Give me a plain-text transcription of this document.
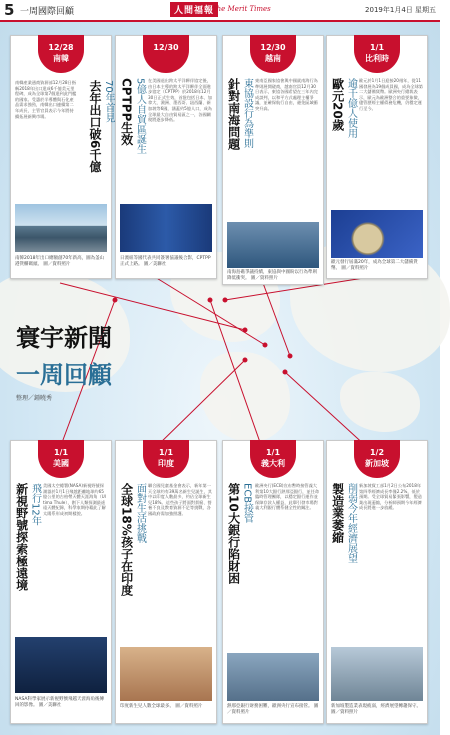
5 一周國際回顧	人間福報
The Merit Times	2019年1月4日 星期五
12/28
南韓
去年出口破6千億 70年首見
南韓產業通商資源部12月28日指稱2018年出口達成6千億美元里程碑，成為全球第7個達到此門檻的國家。受惠於半導體與石化產品需求強勁，南韓出口連續第二年成長，主管官員表示今年將持續拓展新興市場。
南韓2018年出口總額創70年新高，圖為釜山港貨櫃碼頭。 圖／資料照片
12/30
CPTPP生效 5億人自貿區誕生 在美國退出跨太平洋夥伴協定後，由日本主導的跨太平洋夥伴全面進步協定（CPTPP）於2018年12月30日正式生效，首批包括日本、加拿大、澳洲、墨西哥、紐西蘭、新加坡等6國，涵蓋約5億人口，成為全球最大自由貿易區之一，各國關稅將逐步降低。
日澳紐等國代表共同簽署協議後合影，CPTPP正式上路。 圖／美聯社
12/30
越南
針對南海問題 東協設行為準則 東南亞國家協會與中國就南海行為準則展開磋商，越南官員12月30日表示，東協各國希望在三年內完成談判，以和平方式處理主權爭議，並確保航行自由，避免區域衝突升高。
南海島礁爭議持續，東協與中國盼以行為準則降低衝突。 圖／資料照片
1/1
比利時
歐元20歲 逾千億人使用 歐元於1月1日迎接20週年，從11國發展為19個成員國，成為全球第二大儲備貨幣。歐洲央行總裁表示，歐元為歐洲整合的重要象徵，儘管歷經主權債務危機，仍穩定運行至今。
歐元發行屆滿20年，成為全球第二大儲備貨幣。 圖／資料照片
寰宇新聞
一周回顧
整理／鍾曉秀
1/1
美國
新視野號探索極遠境 飛行12年 美國太空總署(NASA)新視野號探測器於1月1日飛越距離地球約65億公里的古柏帶天體天涯海角（Ultima Thule），創下人類探測最遙遠天體紀錄，科學家期待藉此了解太陽系形成初期樣貌。
NASA科學家展示新視野號飛越天涯海角後傳回的影像。 圖／美聯社
1/1
印度
全球18%孩子在印度 面對生活挑戰 聯合國兒童基金會表示，新年第一天全球約有39萬名新生兒誕生，其中以印度人數最多，約佔全球新生兒18%。這些孩子將面對貧窮、營養不良及教育資源不足等挑戰，各國政府需加強照護。
印度新生兒人數全球最多。 圖／資料照片
1/1
義大利
第10大銀行陷財困 ECB接管 歐洲央行(ECB)宣布暫時接管義大利第10大銀行熱那亞銀行，並任命臨時管理團隊，以穩定銀行運作並保障存款人權益，此舉引發市場對義大利銀行體系健全性的關注。
熱那亞銀行財務困難，歐洲央行宣布接管。 圖／資料照片
1/2
新加坡
製造業萎縮 削弱今年經濟展望 新加坡貿工部1月2日公布2018年第四季經濟成長率僅2.2%，低於預期。受全球貿易緊張影響，製造業出現萎縮，分析師預期今年經濟成長將進一步放緩。
新加坡製造業表現疲弱，經濟展望轉趨保守。 圖／資料照片
